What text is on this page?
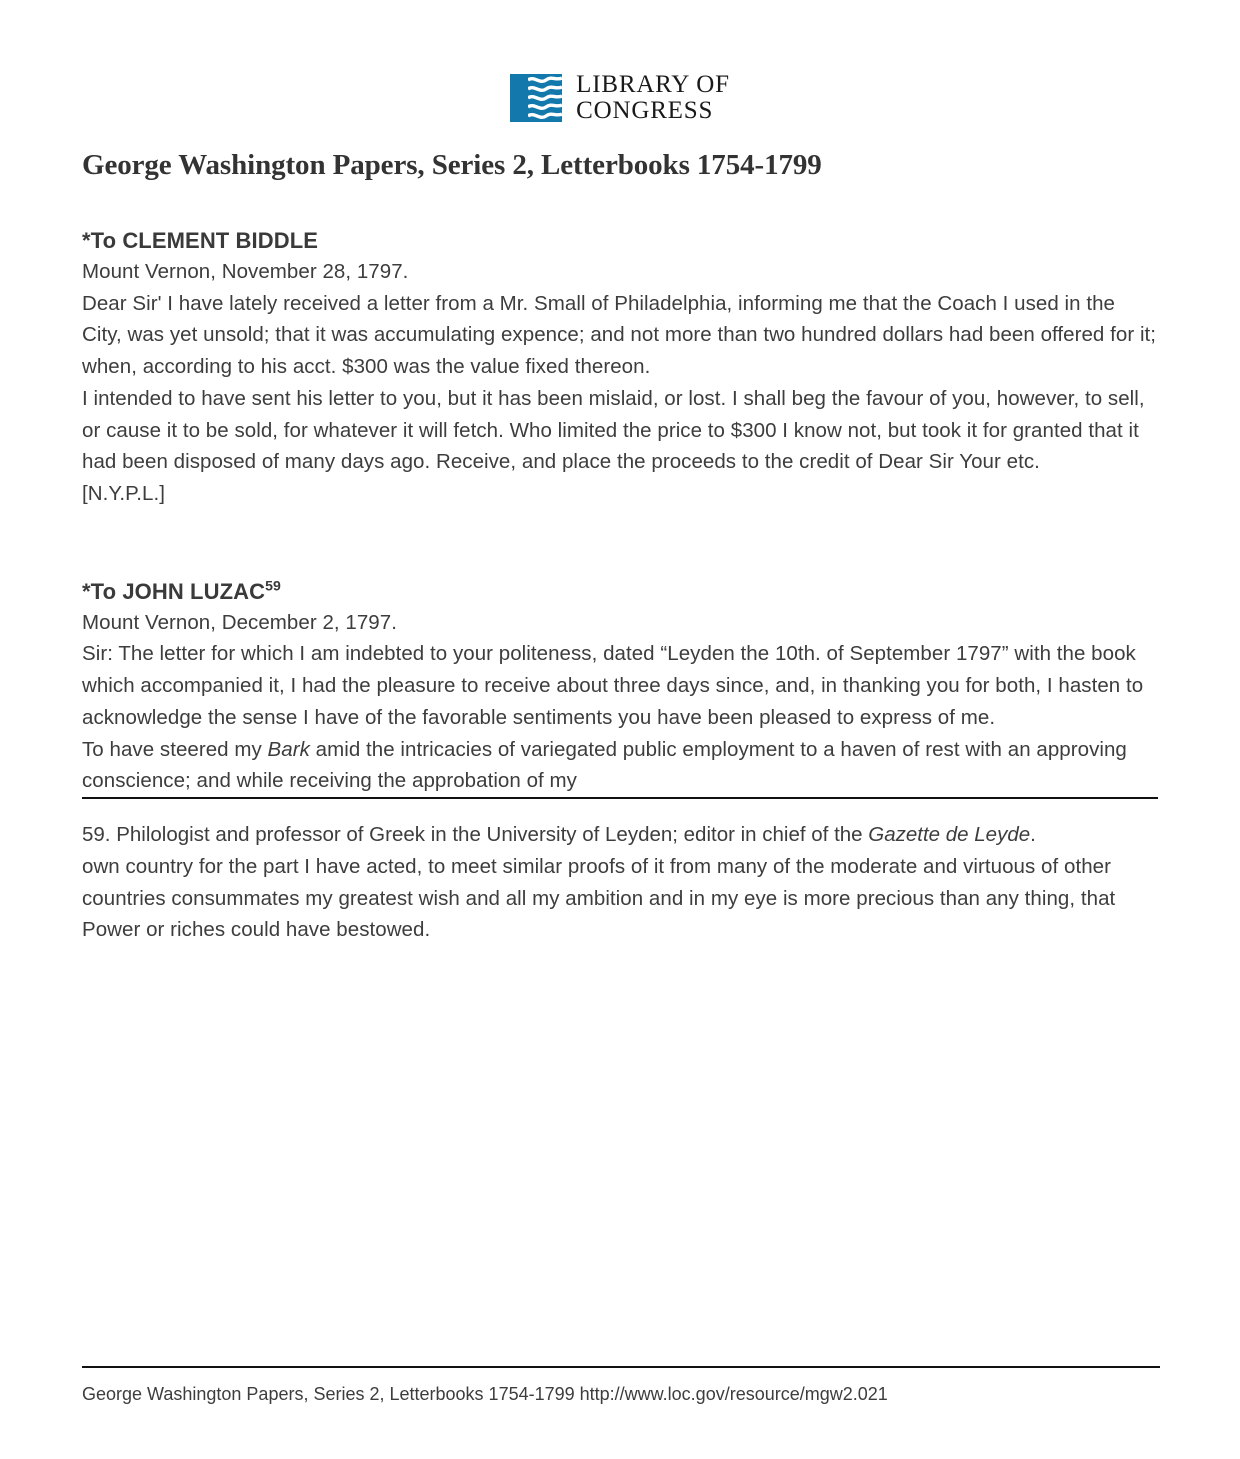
LIBRARY OF
CONGRESS
George Washington Papers, Series 2, Letterbooks 1754-1799
*To CLEMENT BIDDLE

Mount Vernon, November 28, 1797.

Dear Sir' I have lately received a letter from a Mr. Small of Philadelphia, informing me that the Coach I used in the City, was yet unsold; that it was accumulating expence; and not more than two hundred dollars had been offered for it; when, according to his acct. $300 was the value fixed thereon.

I intended to have sent his letter to you, but it has been mislaid, or lost. I shall beg the favour of you, however, to sell, or cause it to be sold, for whatever it will fetch. Who limited the price to $300 I know not, but took it for granted that it had been disposed of many days ago. Receive, and place the proceeds to the credit of Dear Sir Your etc.

[N.Y.P.L.]

*To JOHN LUZAC$^{59}$

Mount Vernon, December 2, 1797.

Sir: The letter for which I am indebted to your politeness, dated “Leyden the 10th. of September 1797” with the book which accompanied it, I had the pleasure to receive about three days since, and, in thanking you for both, I hasten to acknowledge the sense I have of the favorable sentiments you have been pleased to express of me.

To have steered my Bark amid the intricacies of variegated public employment to a haven of rest with an approving conscience; and while receiving the approbation of my

59. Philologist and professor of Greek in the University of Leyden; editor in chief of the Gazette de Leyde.

own country for the part I have acted, to meet similar proofs of it from many of the moderate and virtuous of other countries consummates my greatest wish and all my ambition and in my eye is more precious than any thing, that Power or riches could have bestowed.

George Washington Papers, Series 2, Letterbooks 1754-1799 http://www.loc.gov/resource/mgw2.021
